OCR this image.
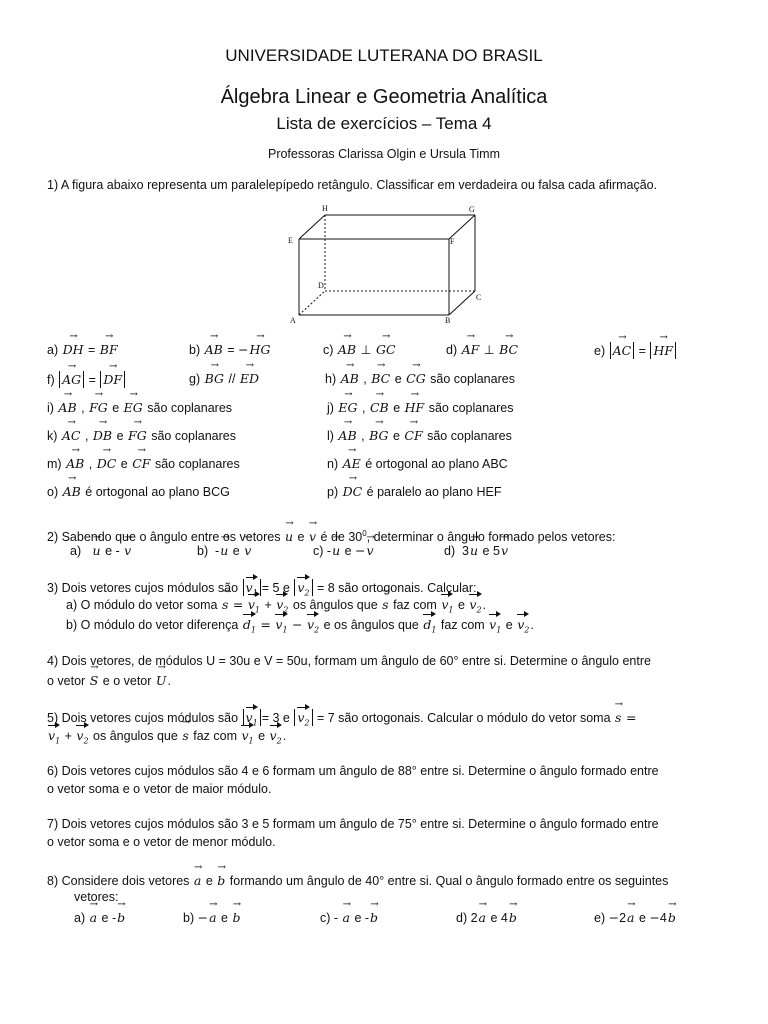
UNIVERSIDADE LUTERANA DO BRASIL
Álgebra Linear e Geometria Analítica
Lista de exercícios – Tema 4
Professoras Clarissa Olgin e Ursula Timm
1) A figura abaixo representa um paralelepípedo retângulo. Classificar em verdadeira ou falsa cada afirmação.
H	G
E	F
D
C
A	B
a) → DH = → BF	b) → AB = −→ HG	c) → AB ⊥ → GC	d) → AF ⊥ → BC	e) → AC = → HF
f) → AG = → DF	g) → BG // → ED	h) → AB , → BC e → CG são coplanares
i) → AB , → FG e → EG são coplanares	j) → EG , → CB e → HF são coplanares
k) → AC , → DB e → FG são coplanares	l) → AB , → BG e → CF são coplanares
m) → AB , → DC e → CF são coplanares	n) → AE é ortogonal ao plano ABC
o) → AB é ortogonal ao plano BCG	p) → DC é paralelo ao plano HEF
2) Sabendo que o ângulo entre os vetores → u e → v é de $30^0$, determinar o ângulo formado pelos vetores:
a)   → u e - → v	b)  -→ u e → v	c) -→ u e −→ v	d)  3→ u e 5→ v
3) Dois vetores cujos módulos são $v_1 = 5$ e $v_2 = 8$ são ortogonais. Calcular:
a) O módulo do vetor soma → $s = v_1 + v_2$ os ângulos que → s faz com $v_1$ e $v_2$.
b) O módulo do vetor diferença $d_1 = v_1 - v_2$ e os ângulos que $d_1$ faz com $v_1$ e $v_2$.
4) Dois vetores, de módulos U = 30u e V = 50u, formam um ângulo de 60° entre si. Determine o ângulo entre
o vetor → S e o vetor → U.
5) Dois vetores cujos módulos são $v_1 = 3$ e $v_2 = 7$ são ortogonais. Calcular o módulo do vetor soma → s =
$v_1 + v_2$ os ângulos que → s faz com $v_1$ e $v_2$.
6) Dois vetores cujos módulos são 4 e 6 formam um ângulo de 88° entre si. Determine o ângulo formado entre
o vetor soma e o vetor de maior módulo.
7) Dois vetores cujos módulos são 3 e 5 formam um ângulo de 75° entre si. Determine o ângulo formado entre
o vetor soma e o vetor de menor módulo.
8) Considere dois vetores → a e → b formando um ângulo de 40° entre si. Qual o ângulo formado entre os seguintes
vetores:
a) → a e -→ b	b) −→ a e → b	c) - → a e -→ b	d) 2→ a e 4→ b	e) −2→ a e −4→ b
